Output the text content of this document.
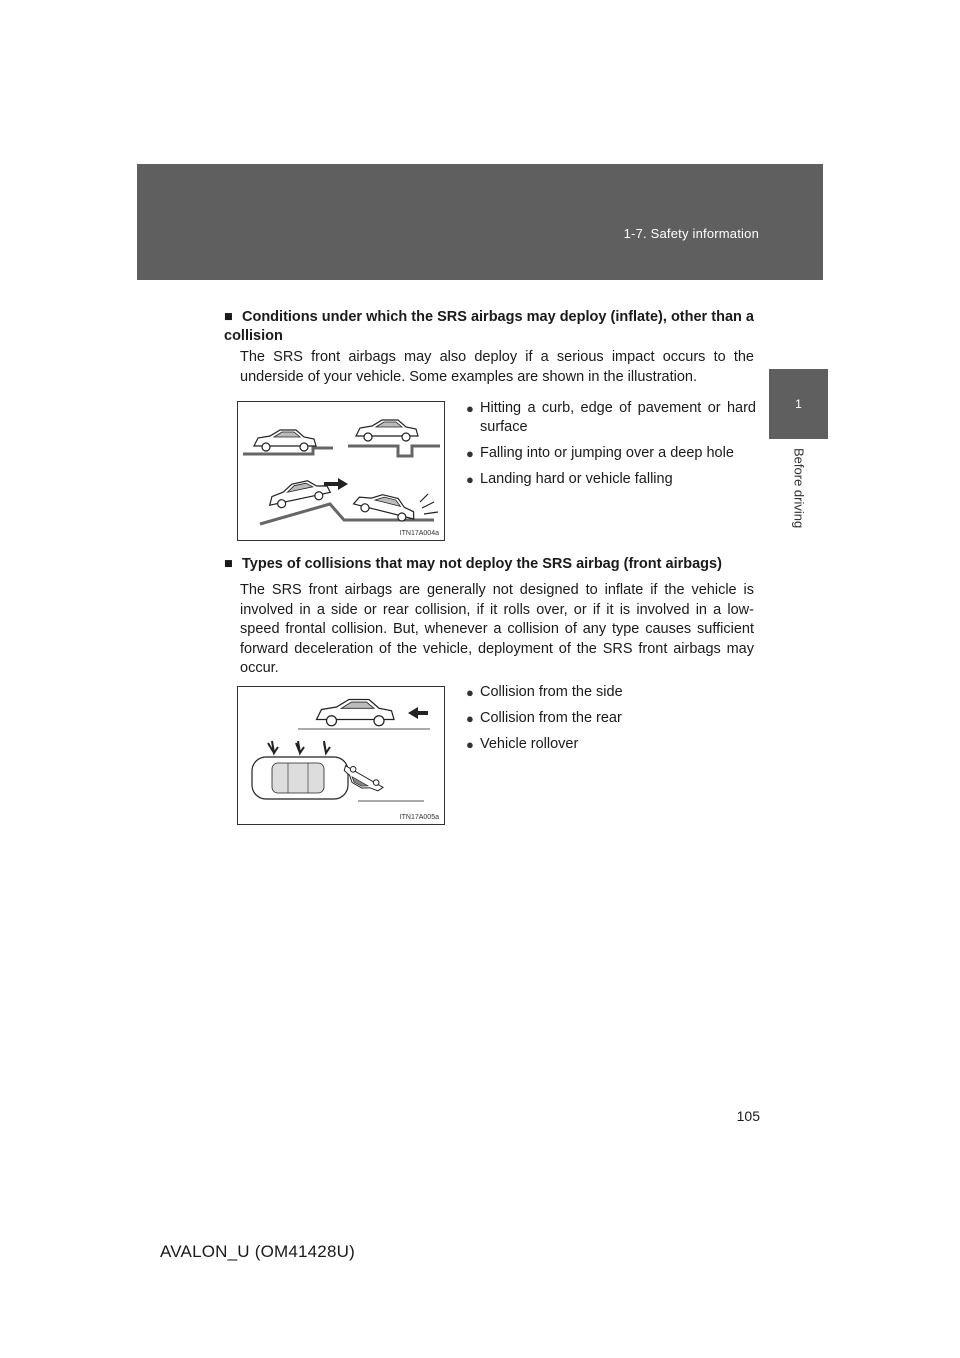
1-7. Safety information
1
Before driving
■ Conditions under which the SRS airbags may deploy (inflate), other than a collision
The SRS front airbags may also deploy if a serious impact occurs to the underside of your vehicle. Some examples are shown in the illustration.
ITN17A004a
● Hitting a curb, edge of pavement or hard surface
● Falling into or jumping over a deep hole
● Landing hard or vehicle falling
■ Types of collisions that may not deploy the SRS airbag (front airbags)
The SRS front airbags are generally not designed to inflate if the vehicle is involved in a side or rear collision, if it rolls over, or if it is involved in a low-speed frontal collision. But, whenever a collision of any type causes sufficient forward deceleration of the vehicle, deployment of the SRS front airbags may occur.
ITN17A005a
● Collision from the side
● Collision from the rear
● Vehicle rollover
105
AVALON_U (OM41428U)
